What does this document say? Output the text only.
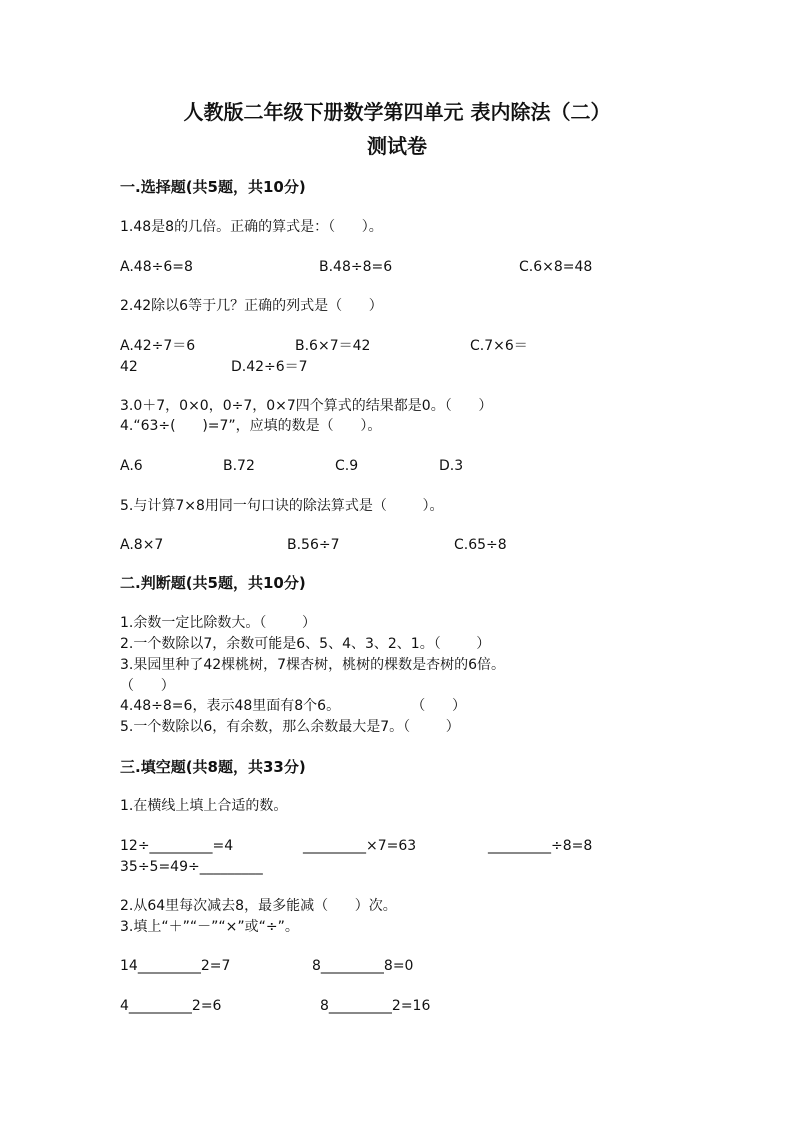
人教版二年级下册数学第四单元 表内除法（二）
测试卷
一.选择题(共5题，共10分)
1.48是8的几倍。正确的算式是：（      ）。
A.48÷6=8	B.48÷8=6	C.6×8=48
2.42除以6等于几？正确的列式是（      ）
A.42÷7＝6	B.6×7＝42	C.7×6＝
42	D.42÷6＝7
3.0＋7，0×0，0÷7，0×7四个算式的结果都是0。（      ）
4.“63÷(      )=7”，应填的数是（      ）。
A.6	B.72	C.9	D.3
5.与计算7×8用同一句口诀的除法算式是（        ）。
A.8×7	B.56÷7	C.65÷8
二.判断题(共5题，共10分)
1.余数一定比除数大。（        ）
2.一个数除以7，余数可能是6、5、4、3、2、1。（        ）
3.果园里种了42棵桃树，7棵杏树，桃树的棵数是杏树的6倍。
（      ）
4.48÷8=6，表示48里面有8个6。                （      ）
5.一个数除以6，有余数，那么余数最大是7。（        ）
三.填空题(共8题，共33分)
1.在横线上填上合适的数。
12÷_________=4	_________×7=63	_________÷8=8
35÷5=49÷_________
2.从64里每次减去8，最多能减（      ）次。
3.填上“＋”“－”“×”或“÷”。
14_________2=7	8_________8=0
4_________2=6	8_________2=16
